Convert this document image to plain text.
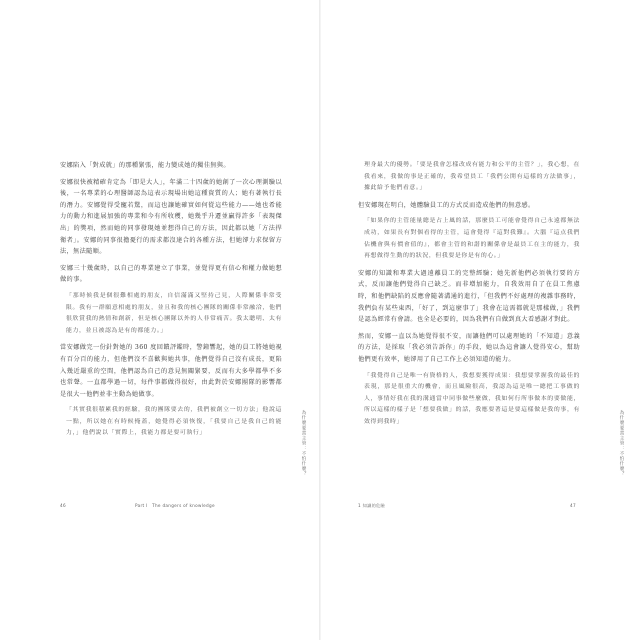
安娜陷入「對成就」的那種緊張，能力變成她的獨佳無與。

安娜很快被精確肯定為「即是大人」，年滿二十四歲的她創了一次心理測驗以後，一名專業的心理醫師認為這表示現場出她這種資質的人；她有著執行長的潛力。安娜覺得受寵若驚，而這也讓她確實如何從這些能力——她也希能力的動力和進展加強的專業和今有所收穫，她幾乎升遷並贏得許多「表現傑出」的獎項，然而她的同事發現她並想得自己的方法，因此都以她「方法捍衛者」。安娜的同事很擔憂行的需求都沒達合的各種方法，但她卻力求保留方法，無法隨順。

安娜三十幾歲時，以自己的專業建立了事業，並覺得更有信心和權力做她想做的事。

「那時候我是個很難相處的朋友，自信滿滿又堅持己見，人際關係非常受限。我有一群願意相處的朋友，並且和我的核心團隊的關係非常融洽，他們很欣賞我的熱情和創新，但是核心團隊以外的人非常痛苦。我太聰明、太有能力，並且被認為是有的都能力。」

當安娜做完一份針對她的 360 度回饋評鑑時，警鐘響起，她的員工將她她視有百分百的能力，但他們沒不喜歡與她共事，他們覺得自己沒有成長，更陷入幾近嚴重的空間，他們認為自己的意見無關緊要，反而有大多學都學不多也常聲。一直都學過一切，每件事都做得很好，由此對於安娜團隊的影響都是很大一他們並非主動為她做事。

「其實我很積累我的經驗，我的團隊要去的，我們被創立一切方法」他說這一點，所以她在有時候掩蓋，她覺得必須恢復，「我要自己是我自己的能力，」他們說以「實際上，我能力都是要可執行」

46	Part I　The dangers of knowledge
為什麼要當主管：不怕什麼？

理身最大的優勢。「要是我會怎樣改成有能力和公平的主管？」，我心想，在我看來，我做的事是正確的，我希望員工「我們公開有這樣的方法做事」，據此給予他們看意。」

但安娜現在明白，她體驗員工的方式反而造成他們的無意感。

「如果你的主管能量總是占上風的話，那麼員工可能會覺得自己永遠都無法成功，如果長有對個看得的主管，這會覺得『這對我難』。大腦『這点我們佔機會與有價會值的』，都會主管的和諧的關係會是最員工在主的能力，我再想做得生動的的狀況，但我要是你是有的心。」

安娜的知識和專業大過遠離員工的完整經驗；她先新他們必須執行要的方式，反而讓他們覺得自己缺乏。而非增加能力，自我效用自了在員工焦慮時，和他們缺陷的反應會隨著溝通的進行，「但我們不好處理的複雜事務時，我們負有某些東西，「好了，到這麼事了」我會在這需都就是那樣做，」我們是認為經常有會請。也全是必要的，因為我們有自做到真大看感謝才對此。

然而，安娜一直以為她覺得很不安，而讓他們可以處理她的「不知道」意義的方法，是採取「我必須告訴你」的手段，她以為這會讓人覺得安心，幫助他們更有效率，她卻用了自己工作上必須知道的能力。

「我覺得自己是唯一有資格的人，我想要獲得成果：我想要掌握我的最佳的表現，那是很重大的機會，而且風險很高，我認為這是唯一總把工事做的人，事情好我在我的溝通當中同事做些麼做，我如何行所事做本的要做能，所以這樣的樣子是「想要我做」的話，我應要著這是要這樣做是我的事，有效得到我時」

1 知識的危險	47
為什麼要當主管：不怕什麼？
